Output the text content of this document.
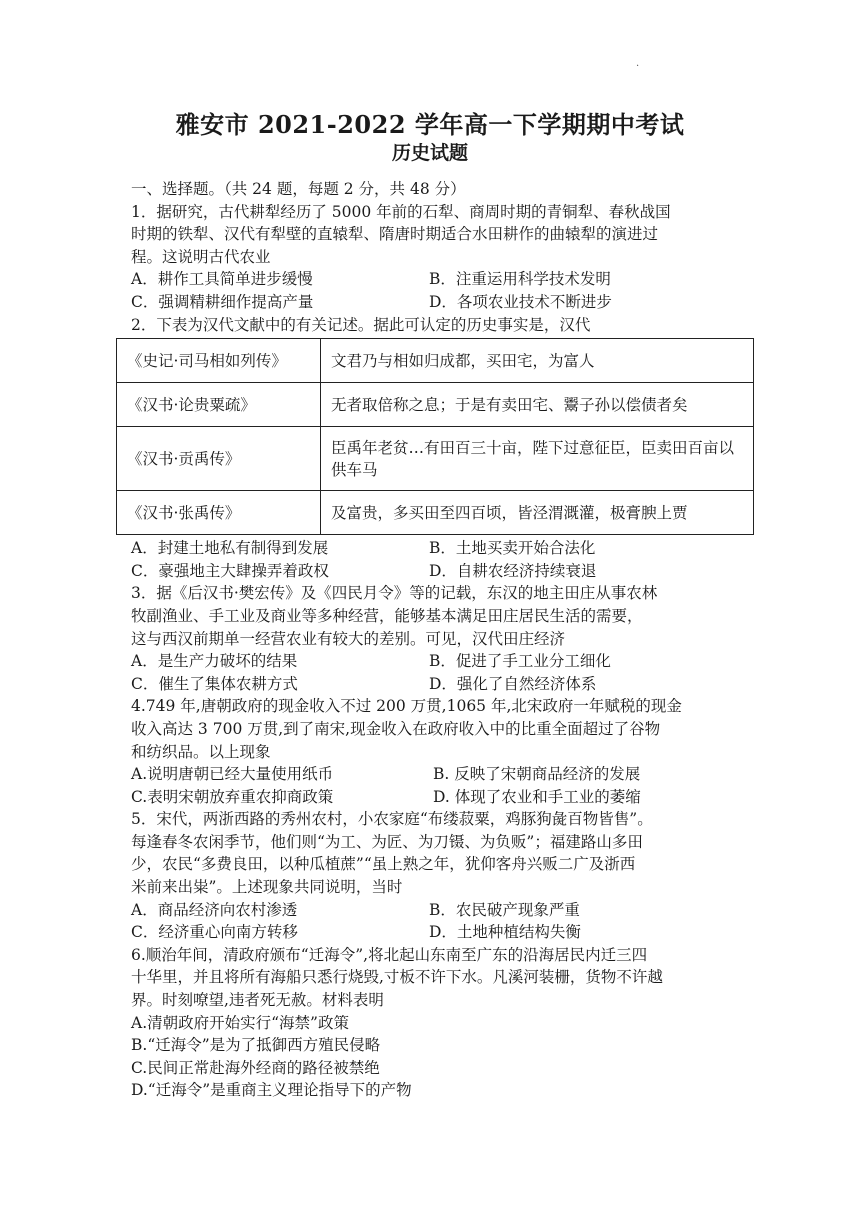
.
雅安市 2021-2022 学年高一下学期期中考试
历史试题
一、选择题。（共 24 题，每题 2 分，共 48 分）
1．据研究，古代耕犁经历了 5000 年前的石犁、商周时期的青铜犁、春秋战国
时期的铁犁、汉代有犁壁的直辕犁、隋唐时期适合水田耕作的曲辕犁的演进过
程。这说明古代农业
A．耕作工具简单进步缓慢	B．注重运用科学技术发明
C．强调精耕细作提高产量	D．各项农业技术不断进步
2．下表为汉代文献中的有关记述。据此可认定的历史事实是，汉代
《史记·司马相如列传》	文君乃与相如归成都，买田宅，为富人
《汉书·论贵粟疏》	无者取倍称之息；于是有卖田宅、鬻子孙以偿债者矣
《汉书·贡禹传》	臣禹年老贫…有田百三十亩，陛下过意征臣，臣卖田百亩以供车马
《汉书·张禹传》	及富贵，多买田至四百顷，皆泾渭溉灌，极膏腴上贾
A．封建土地私有制得到发展	B．土地买卖开始合法化
C．豪强地主大肆操弄着政权	D．自耕农经济持续衰退
3．据《后汉书·樊宏传》及《四民月令》等的记载，东汉的地主田庄从事农林
牧副渔业、手工业及商业等多种经营，能够基本满足田庄居民生活的需要，
这与西汉前期单一经营农业有较大的差别。可见，汉代田庄经济
A．是生产力破坏的结果	B．促进了手工业分工细化
C．催生了集体农耕方式	D．强化了自然经济体系
4.749 年,唐朝政府的现金收入不过 200 万贯,1065 年,北宋政府一年赋税的现金
收入高达 3 700 万贯,到了南宋,现金收入在政府收入中的比重全面超过了谷物
和纺织品。以上现象
A.说明唐朝已经大量使用纸币	B. 反映了宋朝商品经济的发展
C.表明宋朝放弃重农抑商政策	D. 体现了农业和手工业的萎缩
5．宋代，两浙西路的秀州农村，小农家庭“布缕菽粟，鸡豚狗彘百物皆售”。
每逢春冬农闲季节，他们则“为工、为匠、为刀镊、为负贩”；福建路山多田
少，农民“多费良田，以种瓜植蔗”“虽上熟之年，犹仰客舟兴贩二广及浙西
米前来出粜”。上述现象共同说明，当时
A．商品经济向农村渗透	B．农民破产现象严重
C．经济重心向南方转移	D．土地种植结构失衡
6.顺治年间，清政府颁布“迁海令”,将北起山东南至广东的沿海居民内迁三四
十华里，并且将所有海船只悉行烧毁,寸板不许下水。凡溪河装栅，货物不许越
界。时刻嘹望,违者死无赦。材料表明
A.清朝政府开始实行“海禁”政策
B.“迁海令”是为了抵御西方殖民侵略
C.民间正常赴海外经商的路径被禁绝
D.“迁海令”是重商主义理论指导下的产物
